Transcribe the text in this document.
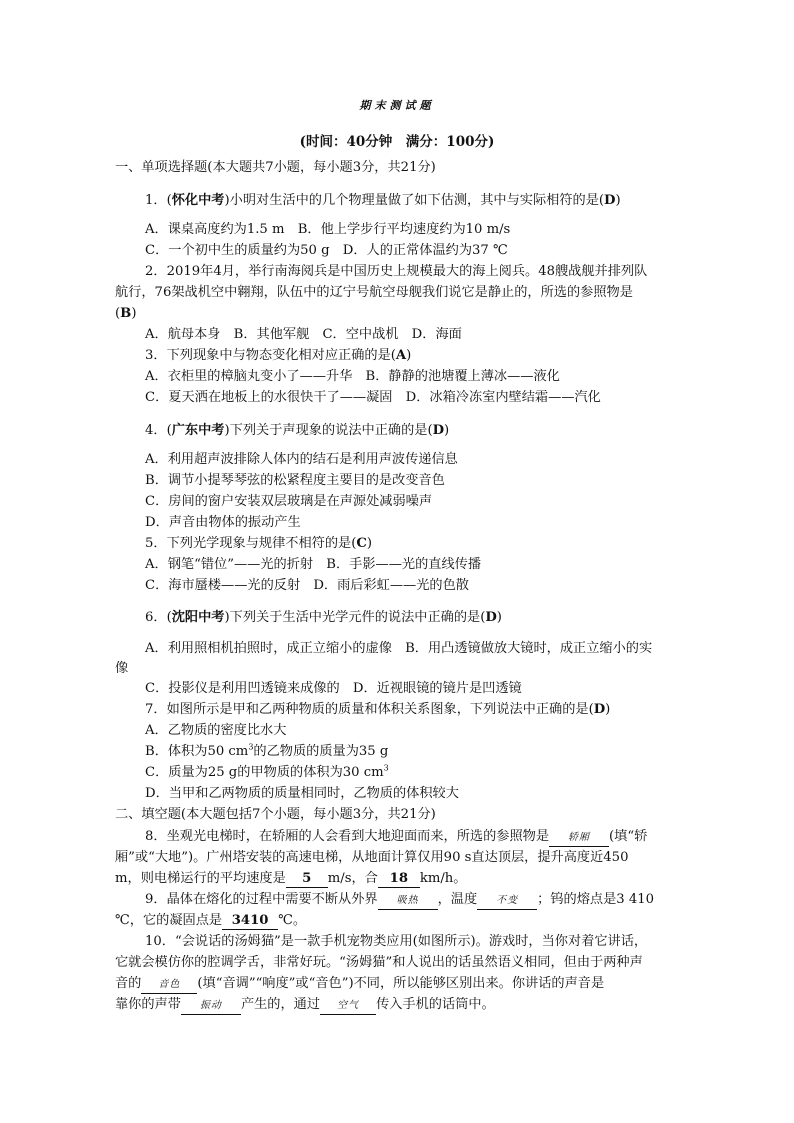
期末测试题
(时间：40分钟　满分：100分)
一、单项选择题(本大题共7小题，每小题3分，共21分)
1．(怀化中考)小明对生活中的几个物理量做了如下估测，其中与实际相符的是(D)
A．课桌高度约为1.5 m　B．他上学步行平均速度约为10 m/s
C．一个初中生的质量约为50 g　D．人的正常体温约为37 ℃
2．2019年4月，举行南海阅兵是中国历史上规模最大的海上阅兵。48艘战舰并排列队
航行，76架战机空中翱翔，队伍中的辽宁号航空母舰我们说它是静止的，所选的参照物是
(B)
A．航母本身　B．其他军舰　C．空中战机　D．海面
3．下列现象中与物态变化相对应正确的是(A)
A．衣柜里的樟脑丸变小了——升华　B．静静的池塘覆上薄冰——液化
C．夏天洒在地板上的水很快干了——凝固　D．冰箱冷冻室内壁结霜——汽化
4．(广东中考)下列关于声现象的说法中正确的是(D)
A．利用超声波排除人体内的结石是利用声波传递信息
B．调节小提琴琴弦的松紧程度主要目的是改变音色
C．房间的窗户安装双层玻璃是在声源处减弱噪声
D．声音由物体的振动产生
5．下列光学现象与规律不相符的是(C)
A．钢笔“错位”——光的折射　B．手影——光的直线传播
C．海市蜃楼——光的反射　D．雨后彩虹——光的色散
6．(沈阳中考)下列关于生活中光学元件的说法中正确的是(D)
A．利用照相机拍照时，成正立缩小的虚像　B．用凸透镜做放大镜时，成正立缩小的实
像
C．投影仪是利用凹透镜来成像的　D．近视眼镜的镜片是凹透镜
7．如图所示是甲和乙两种物质的质量和体积关系图象，下列说法中正确的是(D)
A．乙物质的密度比水大
B．体积为50 $cm^3$的乙物质的质量为35 g
C．质量为25 g的甲物质的体积为30 $cm^3$
D．当甲和乙两物质的质量相同时，乙物质的体积较大
二、填空题(本大题包括7个小题，每小题3分，共21分)
8．坐观光电梯时，在轿厢的人会看到大地迎面而来，所选的参照物是 轿厢 (填“轿
厢”或“大地”)。广州塔安装的高速电梯，从地面计算仅用90 s直达顶层，提升高度近450
m，则电梯运行的平均速度是 5 m/s，合 18 km/h。
9．晶体在熔化的过程中需要不断从外界 吸热 ，温度 不变 ；钨的熔点是3 410
℃，它的凝固点是 3410 ℃。
10．“会说话的汤姆猫”是一款手机宠物类应用(如图所示)。游戏时，当你对着它讲话，
它就会模仿你的腔调学舌，非常好玩。“汤姆猫”和人说出的话虽然语义相同，但由于两种声
音的 音色 (填“音调”“响度”或“音色”)不同，所以能够区别出来。你讲话的声音是
靠你的声带 振动 产生的，通过 空气 传入手机的话筒中。
